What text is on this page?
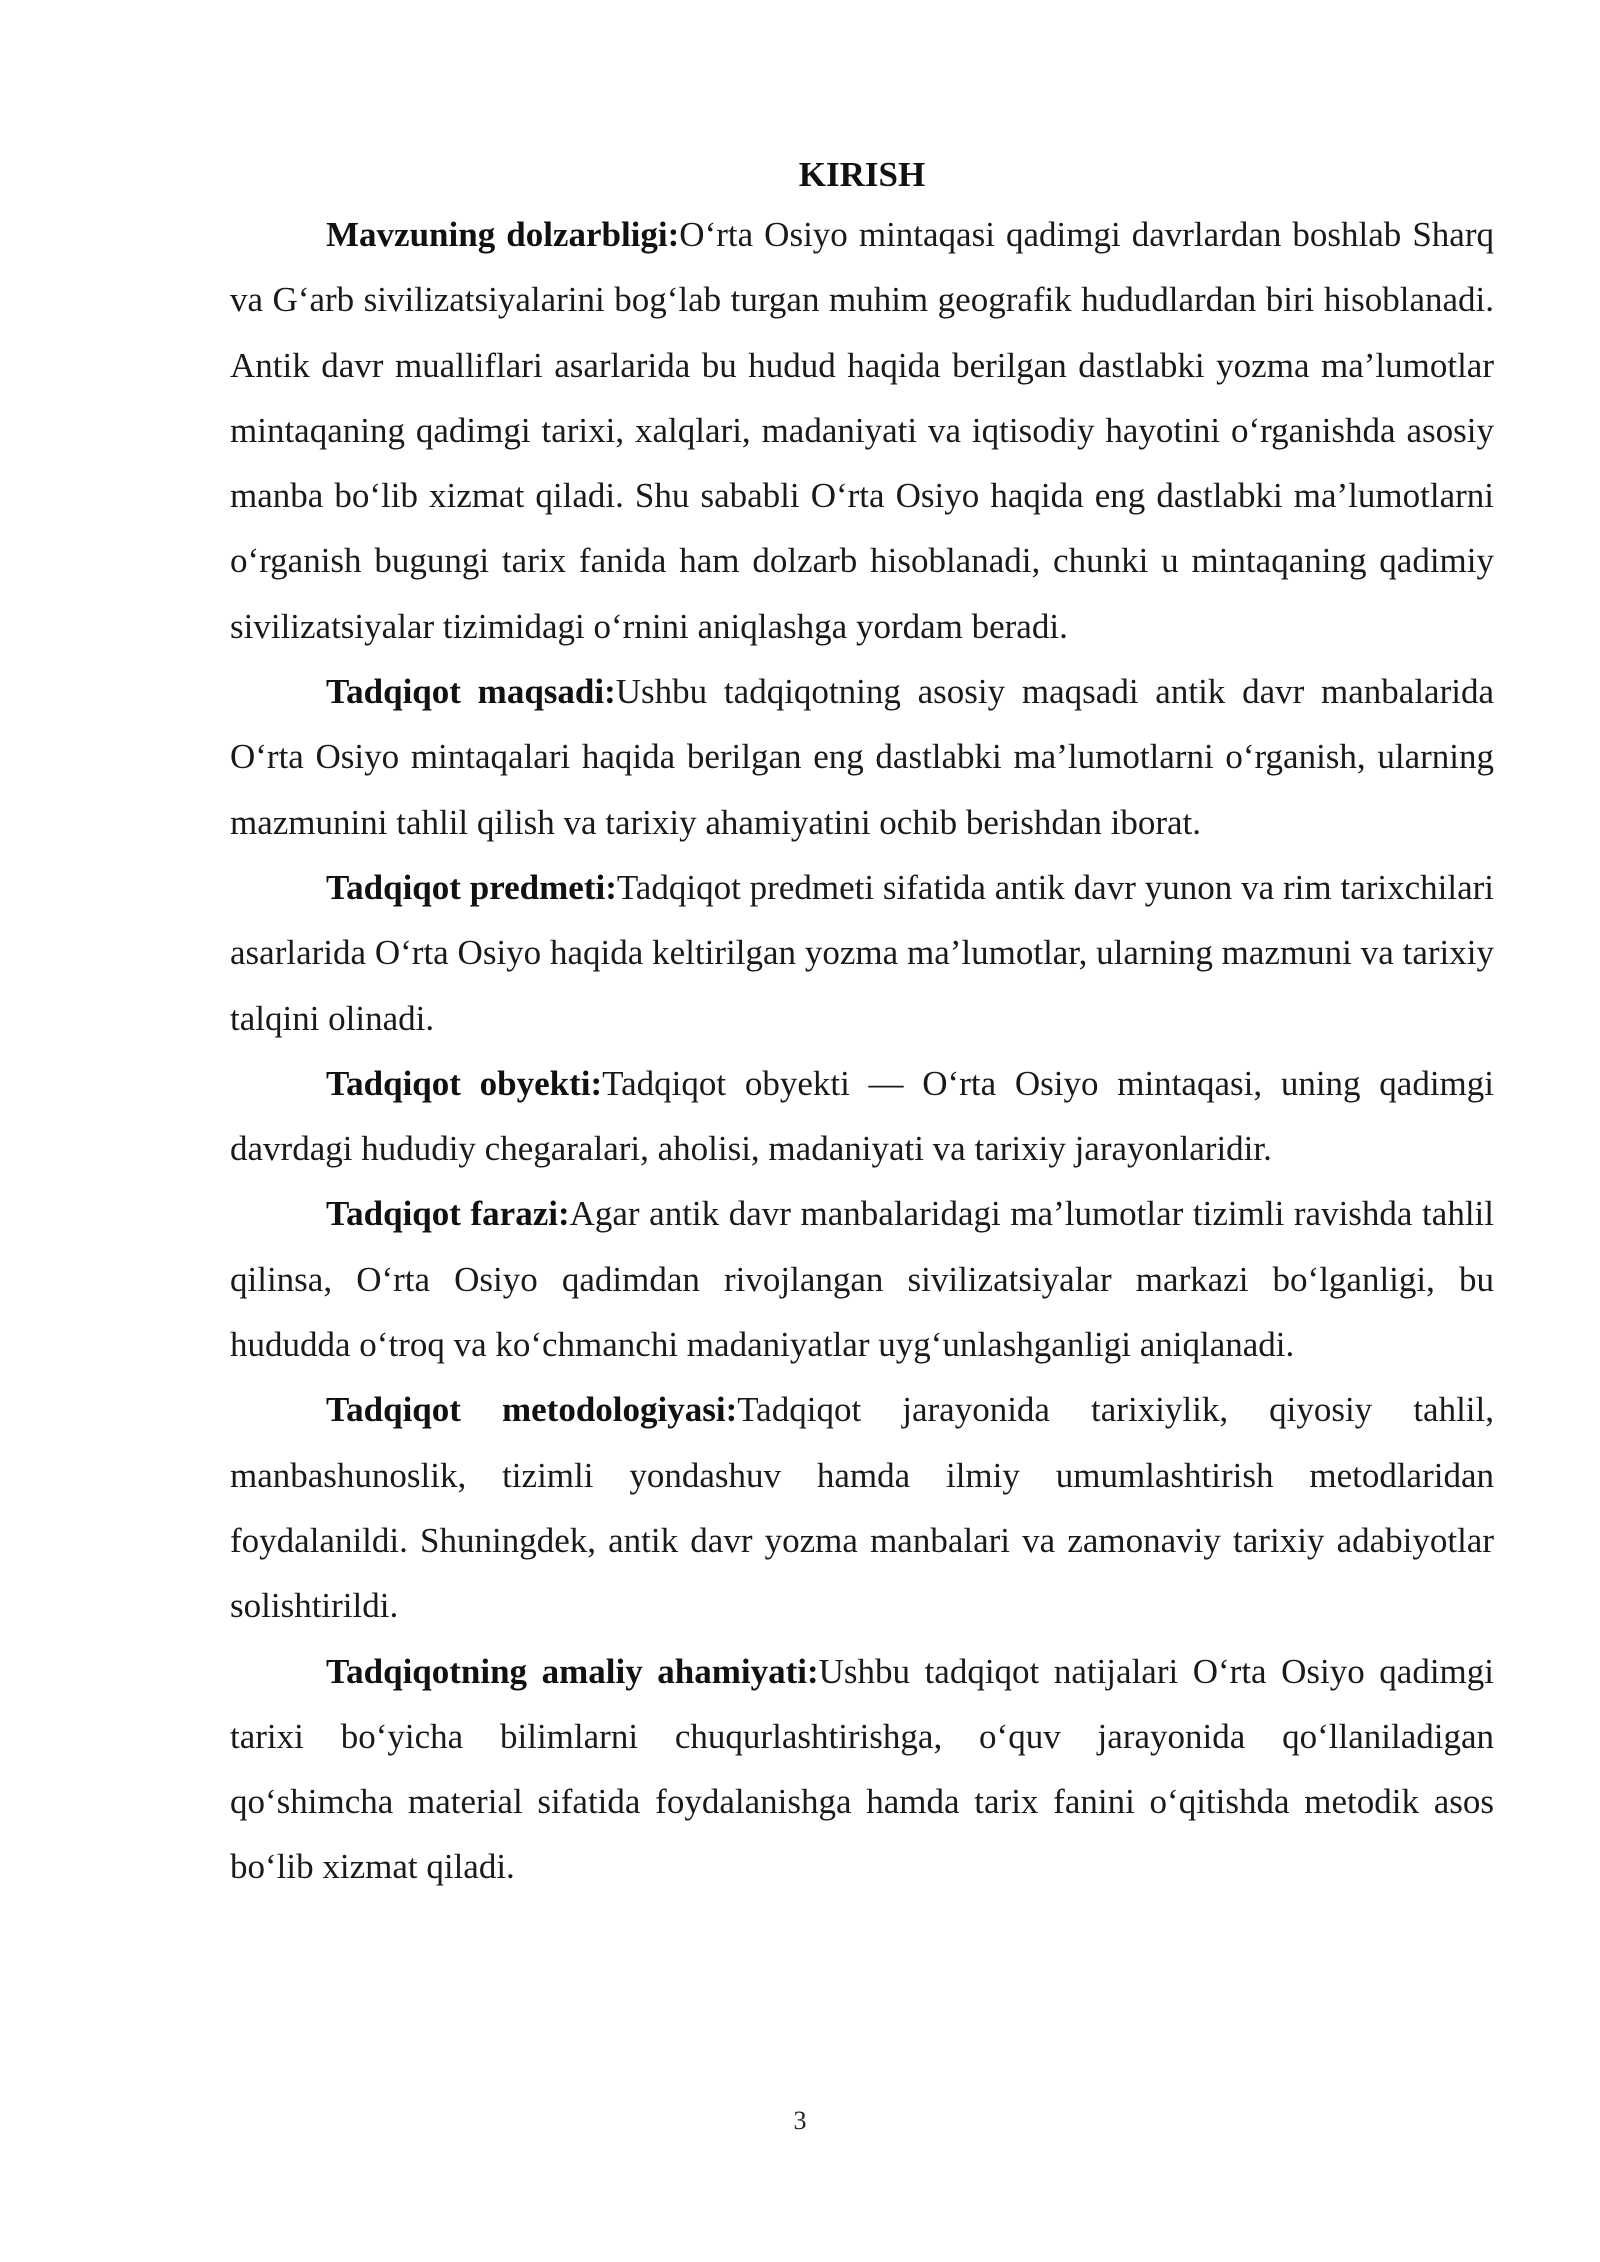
KIRISH

Mavzuning dolzarbligi:O‘rta Osiyo mintaqasi qadimgi davrlardan boshlab Sharq va G‘arb sivilizatsiyalarini bog‘lab turgan muhim geografik hududlardan biri hisoblanadi. Antik davr mualliflari asarlarida bu hudud haqida berilgan dastlabki yozma ma’lumotlar mintaqaning qadimgi tarixi, xalqlari, madaniyati va iqtisodiy hayotini o‘rganishda asosiy manba bo‘lib xizmat qiladi. Shu sababli O‘rta Osiyo haqida eng dastlabki ma’lumotlarni o‘rganish bugungi tarix fanida ham dolzarb hisoblanadi, chunki u mintaqaning qadimiy sivilizatsiyalar tizimidagi o‘rnini aniqlashga yordam beradi.

Tadqiqot maqsadi:Ushbu tadqiqotning asosiy maqsadi antik davr manbalarida O‘rta Osiyo mintaqalari haqida berilgan eng dastlabki ma’lumotlarni o‘rganish, ularning mazmunini tahlil qilish va tarixiy ahamiyatini ochib berishdan iborat.

Tadqiqot predmeti:Tadqiqot predmeti sifatida antik davr yunon va rim tarixchilari asarlarida O‘rta Osiyo haqida keltirilgan yozma ma’lumotlar, ularning mazmuni va tarixiy talqini olinadi.

Tadqiqot obyekti:Tadqiqot obyekti — O‘rta Osiyo mintaqasi, uning qadimgi davrdagi hududiy chegaralari, aholisi, madaniyati va tarixiy jarayonlaridir.

Tadqiqot farazi:Agar antik davr manbalaridagi ma’lumotlar tizimli ravishda tahlil qilinsa, O‘rta Osiyo qadimdan rivojlangan sivilizatsiyalar markazi bo‘lganligi, bu hududda o‘troq va ko‘chmanchi madaniyatlar uyg‘unlashganligi aniqlanadi.

Tadqiqot metodologiyasi:Tadqiqot jarayonida tarixiylik, qiyosiy tahlil, manbashunoslik, tizimli yondashuv hamda ilmiy umumlashtirish metodlaridan foydalanildi. Shuningdek, antik davr yozma manbalari va zamonaviy tarixiy adabiyotlar solishtirildi.

Tadqiqotning amaliy ahamiyati:Ushbu tadqiqot natijalari O‘rta Osiyo qadimgi tarixi bo‘yicha bilimlarni chuqurlashtirishga, o‘quv jarayonida qo‘llaniladigan qo‘shimcha material sifatida foydalanishga hamda tarix fanini o‘qitishda metodik asos bo‘lib xizmat qiladi.

3
